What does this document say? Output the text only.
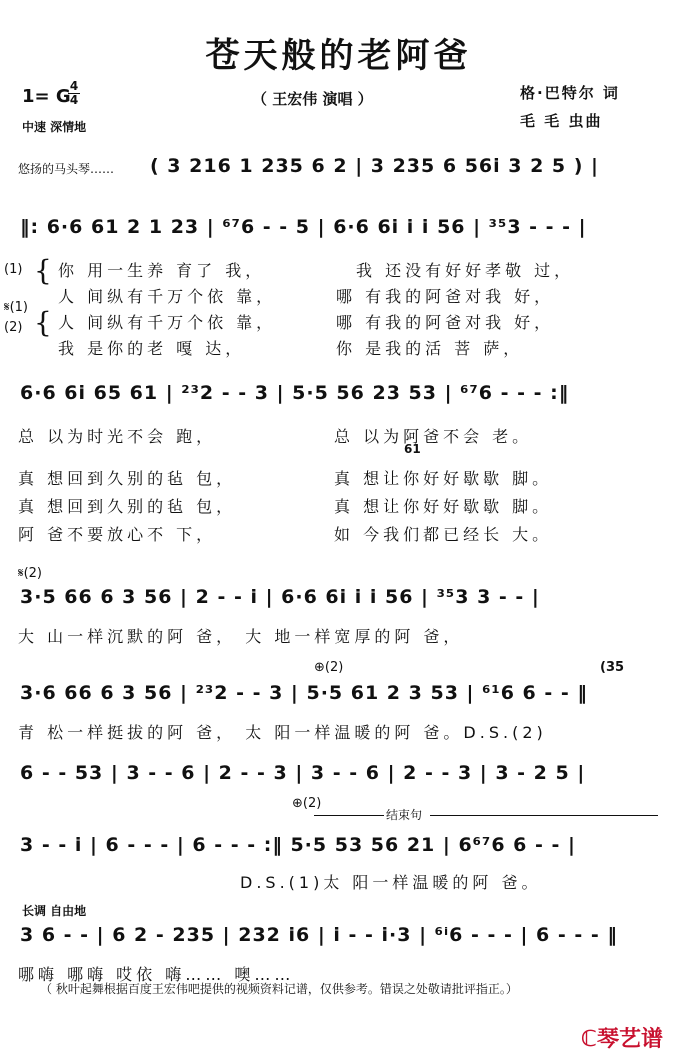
苍天般的老阿爸
1= G 4
4	（ 王宏伟 演唱 ）	格·巴特尔 词
毛 毛 虫曲
中速 深情地
悠扬的马头琴…… ( 3 216 1 235 6 2 | 3 235 6 56i 3 2 5 ) |
‖: 6·6 61 2 1 23 | ⁶⁷6 - - 5 | 6·6 6i i i 56 | ³⁵3 - - - |
(1)
𝄋(1)
(2)
{
{
你 用一生养 育了 我，
人 间纵有千万个依 靠，
人 间纵有千万个依 靠，
我 是你的老 嘎 达，
我 还没有好好孝敬 过，
哪 有我的阿爸对我 好，
哪 有我的阿爸对我 好，
你 是我的活 菩 萨，
6·6 6i 65 61 | ²³2 - - 3 | 5·5 56 23 53 | ⁶⁷6 - - - :‖
总 以为时光不会 跑，
61
真 想回到久别的毡 包，
真 想回到久别的毡 包，
阿 爸不要放心不 下，
总 以为阿爸不会 老。
真 想让你好好歇歇 脚。
真 想让你好好歇歇 脚。
如 今我们都已经长 大。
𝄋(2)
3·5 66 6 3 56 | 2 - - i | 6·6 6i i i 56 | ³⁵3 3 - - |
大 山一样沉默的阿 爸， 大 地一样宽厚的阿 爸，
⊕(2)	(35
3·6 66 6 3 56 | ²³2 - - 3 | 5·5 61 2 3 53 | ⁶¹6 6 - - ‖
青 松一样挺拔的阿 爸， 太 阳一样温暖的阿 爸。D.S.(2)
6 - - 53 | 3 - - 6 | 2 - - 3 | 3 - - 6 | 2 - - 3 | 3 - 2 5 |
⊕(2)
结束句
3 - - i | 6 - - - | 6 - - - :‖ 5·5 53 56 21 | 6⁶⁷6 6 - - |
D.S.(1)太 阳一样温暖的阿 爸。
长调 自由地
3 6 - - | 6 2 - 235 | 232 i6 | i - - i·3 | ⁶ⁱ6 - - - | 6 - - - ‖
哪嗨 哪嗨 哎依 嗨…… 噢……
（ 秋叶起舞根据百度王宏伟吧提供的视频资料记谱，仅供参考。错误之处敬请批评指正。）
ℂ琴艺谱
